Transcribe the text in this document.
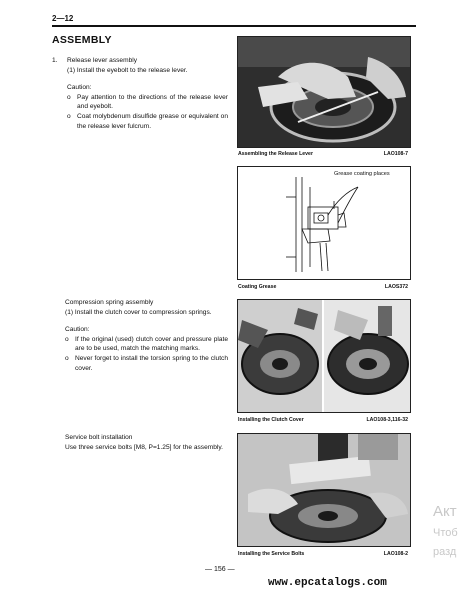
2—12
ASSEMBLY
1.	Release lever assembly
(1) Install the eyebolt to the release lever.
Caution:
o Pay attention to the directions of the release lever and eyebolt.
o Coat molybdenum disulfide grease or equivalent on the release lever fulcrum.
Assembling the Release Lever	LAO108-7
Grease coating places
Coating Grease	LAOS372
Compression spring assembly
(1) Install the clutch cover to compression springs.
Caution:
o If the original (used) clutch cover and pressure plate are to be used, match the matching marks.
o Never forget to install the torsion spring to the clutch cover.
Installing the Clutch Cover	LAO108-3,116-32
Service bolt installation
Use three service bolts [M8, P=1.25] for the assembly.
Installing the Service Bolts	LAO108-2
Акт
Чтоб
разд
— 156 —
www.epcatalogs.com
